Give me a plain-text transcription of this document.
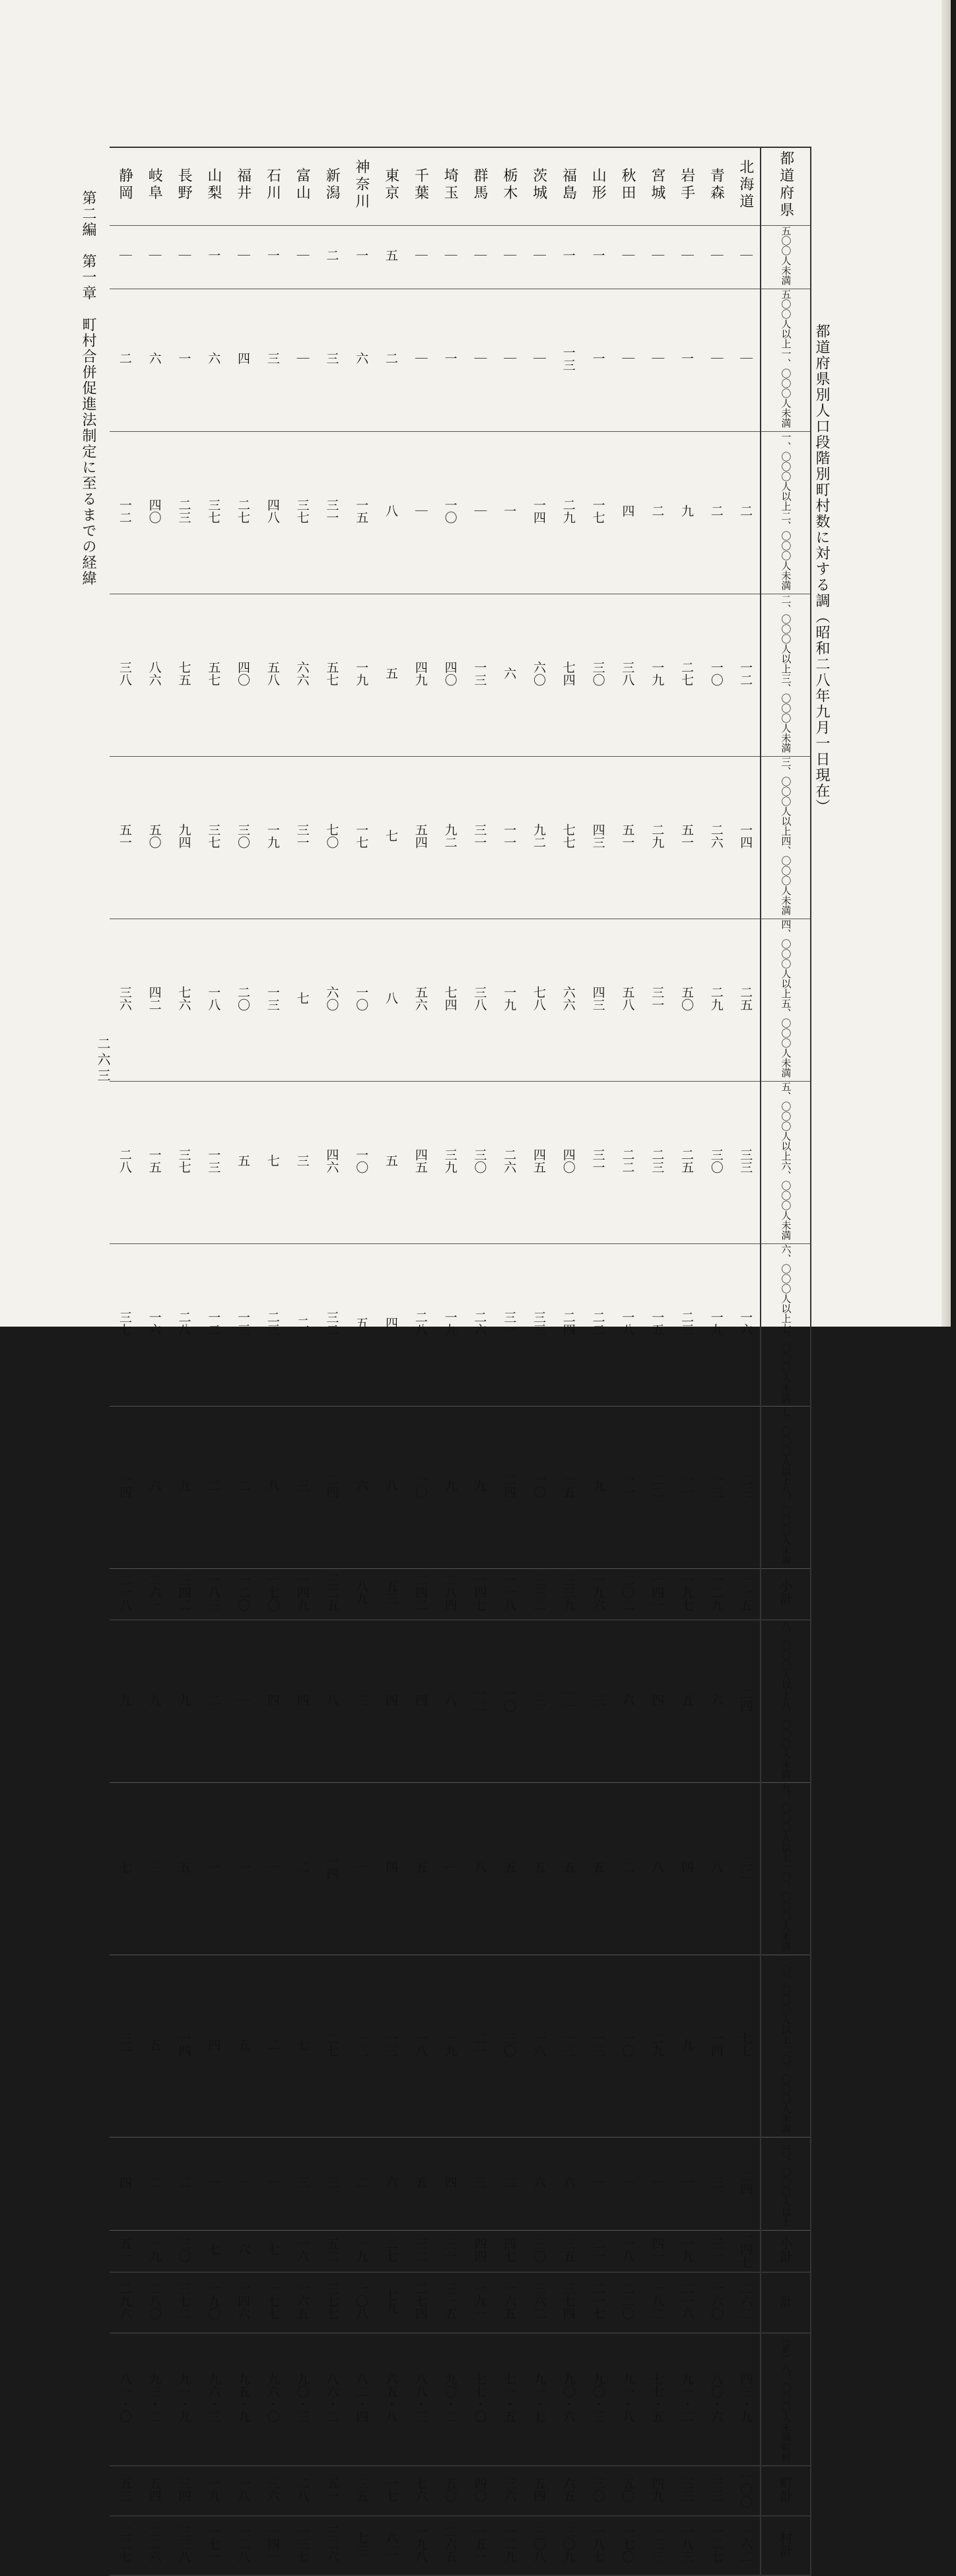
都道府県別人口段階別町村数に対する調（昭和二八年九月一日現在）
第二編　第一章　町村合併促進法制定に至るまでの経緯
二六三
都道府県	北海道	青森	岩手	宮城	秋田	山形	福島	茨城	栃木	群馬	埼玉	千葉	東京	神奈川	新潟	富山	石川	福井	山梨	長野	岐阜	静岡
五〇〇人未満	｜	｜	｜	｜	｜	一	一	｜	｜	｜	｜	｜	五	一	二	｜	一	｜	一	｜	｜	｜
五〇〇人以上一、〇〇〇人未満	｜	｜	一	｜	｜	一	一三	｜	｜	｜	一	｜	二	六	三	｜	三	四	六	一	六	二
一、〇〇〇人以上二、〇〇〇人未満	二	二	九	二	四	一七	二九	一四	一	｜	一〇	｜	八	一五	三一	三七	四八	二七	三七	二三	四〇	一二
二、〇〇〇人以上三、〇〇〇人未満	一二	一〇	二七	一九	三八	三〇	七四	六〇	六	一三	四〇	四九	五	一九	五七	六六	五八	四〇	五七	七五	八六	三八
三、〇〇〇人以上四、〇〇〇人未満	一四	二六	五一	二九	五一	四三	七七	九二	一一	三一	九二	五四	七	一七	七〇	三一	一九	三〇	三七	九四	五〇	五一
四、〇〇〇人以上五、〇〇〇人未満	二五	二九	五〇	三一	五八	四三	六六	七八	一九	三八	七四	五六	八	一〇	六〇	七	一三	二〇	一八	七六	四二	三六
五、〇〇〇人以上六、〇〇〇人未満	三三	三〇	二五	二三	二二	三一	四〇	四五	二六	三〇	三九	四五	五	一〇	四六	三	七	五	一三	三七	一五	二八
六、〇〇〇人以上七、〇〇〇人未満	一六	一九	二三	一五	一八	二二	二四	三三	三一	二六	一九	二八	四	五	三二	二	二三	一三	一二	二八	一六	三七
七、〇〇〇人以上八、〇〇〇人未満	二三	一三	一一	二二	一一	九	一五	一〇	二四	九	九	一〇	八	六	二四	三	八	二	二	九	六	一四
小計	一一五	一二九	一九七	一四一	二〇二	一九六	三三九	三三二	一一八	一四七	二八四	二四二	五三	八九	三二五	一四九	一七〇	一二〇	一八三	三四二	二六一	二一八
八、〇〇〇人以上九、〇〇〇人未満	二四	六	五	四	六	三	一一	三	一〇	一二	八	四	四	三	八	四	四	｜	二	九	九	九
九、〇〇〇人以上一〇、〇〇〇人未満	二二	八	四	八	二	五	五	五	五	八	｜	五	四	一	一四	二	一	一	一	五	三	七
一〇、〇〇〇人以上二〇、〇〇〇人未満	七七	一四	九	二九	一〇	一三	一三	一六	三〇	二一	一九	一八	一三	一三	二七	七	二	五	四	一四	五	三一
二〇、〇〇〇人以上	二四	三	一	｜	｜	｜	六	六	二	三	四	五	六	二	三	三	｜	｜	｜	二	二	四
小計	一四七	三一	一九	四一	一八	二一	三五	三〇	四七	四四	三一	三二	二七	一九	五二	一六	七	六	七	三〇	一九	五一
計	二六二	一六〇	二一六	一八二	二二〇	二一七	三七四	三六二	一六五	一九一	三一五	二七四	七九	一〇八	三七七	一六五	一七七	一四六	一九〇	三七二	二八〇	二九六
八、〇〇〇人未満町村（%）	四三・九	八〇・六	九一・二	七七・五	九一・八	九〇・三	九〇・六	九一・七	七一・五	七七・〇	九〇・二	八八・三	六五・八	八二・四	八六・二	九〇・三	九六・〇	九五・九	九六・三	九一・九	九三・二	八一・〇
町計	一〇〇	三三	三三	四九	五〇	三〇	六五	五四	三六	四〇	五〇	七六	一七	三五	五一	二八	三六	一八	一九	三四	五四	五三
村計	一六二	一二七	一八三	一三三	一七〇	一八七	三〇九	三〇八	一二九	一五一	二六五	一九八	六二	七三	三二六	一三七	一四一	一二八	一七一	三三八	二二六	二二七
